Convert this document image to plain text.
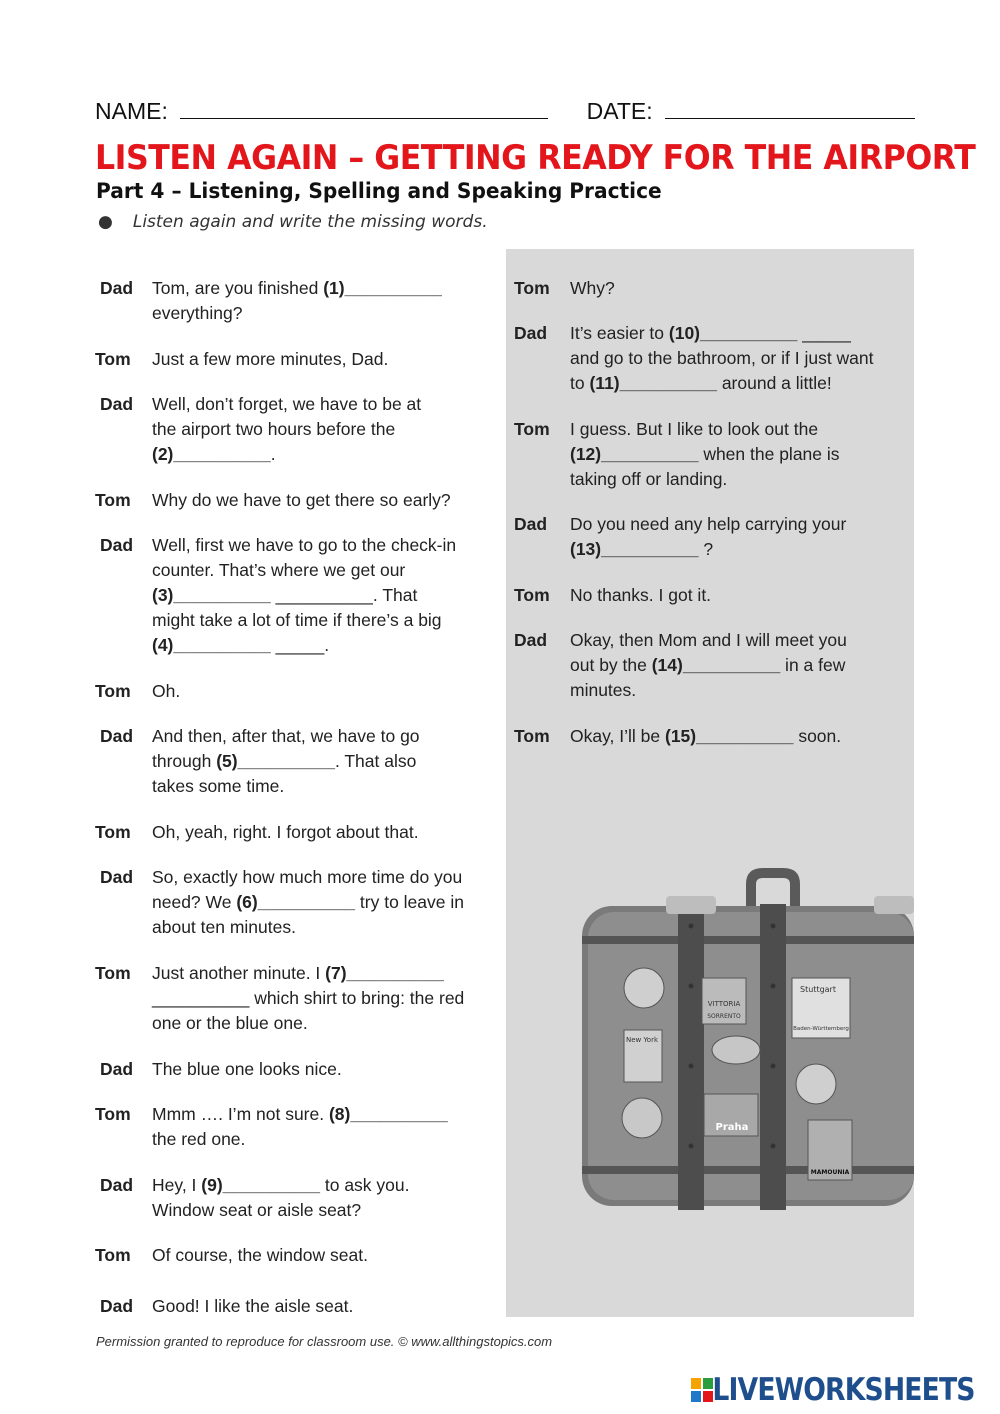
NAME:	DATE:
LISTEN AGAIN – GETTING READY FOR THE AIRPORT
Part 4 – Listening, Spelling and Speaking Practice
● Listen again and write the missing words.
Dad Tom, are you finished (1)__________
everything?
Tom Just a few more minutes, Dad.
Dad Well, don’t forget, we have to be at
the airport two hours before the
(2)__________.
Tom Why do we have to get there so early?
Dad Well, first we have to go to the check-in
counter. That’s where we get our
(3)__________ __________. That
might take a lot of time if there’s a big
(4)__________ _____.
Tom Oh.
Dad And then, after that, we have to go
through (5)__________. That also
takes some time.
Tom Oh, yeah, right. I forgot about that.
Dad So, exactly how much more time do you
need? We (6)__________ try to leave in
about ten minutes.
Tom Just another minute. I (7)__________
__________ which shirt to bring: the red
one or the blue one.
Dad The blue one looks nice.
Tom Mmm …. I’m not sure. (8)__________
the red one.
Dad Hey, I (9)__________ to ask you.
Window seat or aisle seat?
Tom Of course, the window seat.
Dad Good! I like the aisle seat.
Tom Why?
Dad It’s easier to (10)__________ _____
and go to the bathroom, or if I just want
to (11)__________ around a little!
Tom I guess. But I like to look out the
(12)__________ when the plane is
taking off or landing.
Dad Do you need any help carrying your
(13)__________ ?
Tom No thanks. I got it.
Dad Okay, then Mom and I will meet you
out by the (14)__________ in a few
minutes.
Tom Okay, I’ll be (15)__________ soon.
VITTORIA
SORRENTO
Stuttgart
Baden-Württemberg
New York
Praha
MAMOUNIA
Permission granted to reproduce for classroom use. © www.allthingstopics.com
LIVEWORKSHEETS
